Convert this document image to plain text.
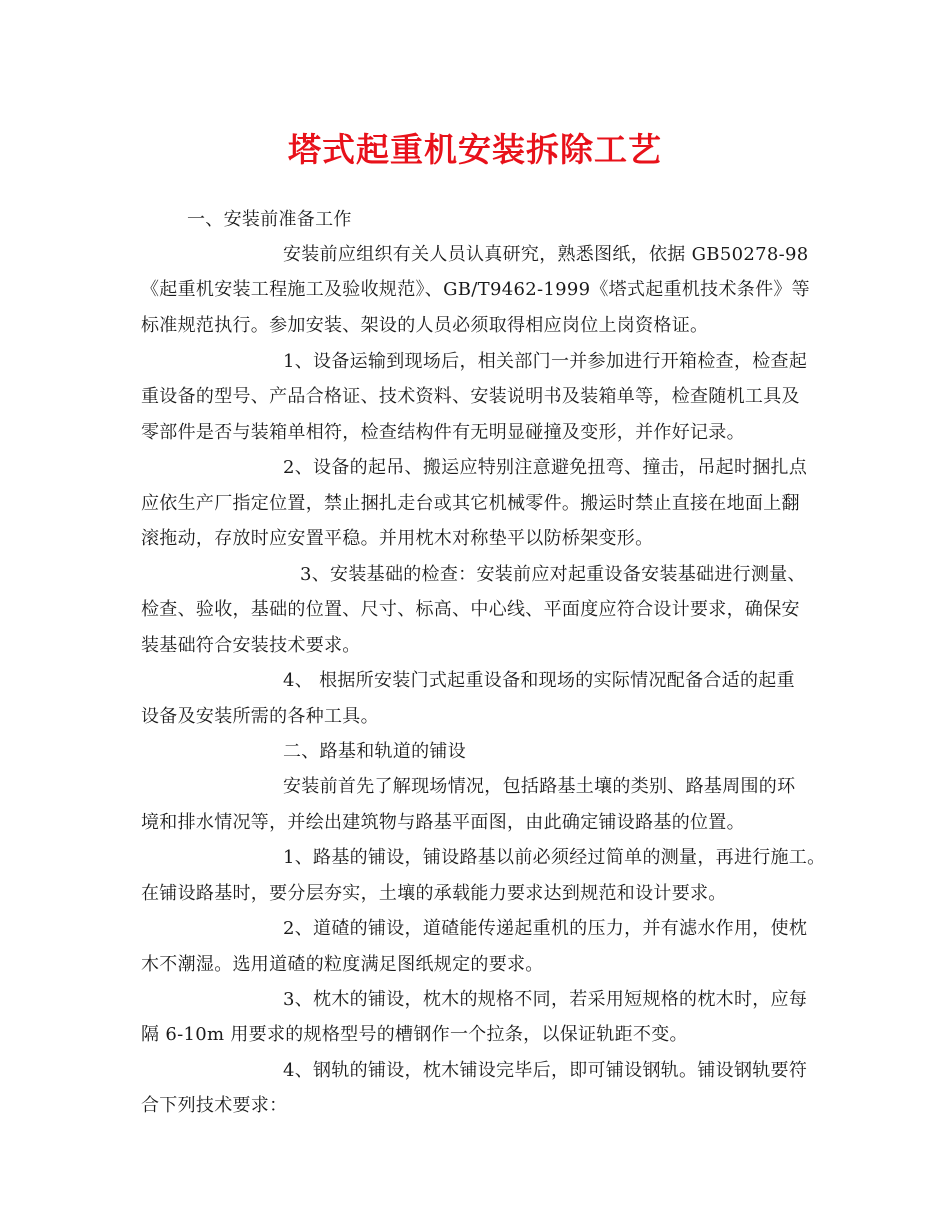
塔式起重机安装拆除工艺
一、安装前准备工作
安装前应组织有关人员认真研究，熟悉图纸，依据 GB50278-98
《起重机安装工程施工及验收规范》、GB/T9462-1999《塔式起重机技术条件》等
标准规范执行。参加安装、架设的人员必须取得相应岗位上岗资格证。
1、设备运输到现场后，相关部门一并参加进行开箱检查，检查起
重设备的型号、产品合格证、技术资料、安装说明书及装箱单等，检查随机工具及
零部件是否与装箱单相符，检查结构件有无明显碰撞及变形，并作好记录。
2、设备的起吊、搬运应特别注意避免扭弯、撞击，吊起时捆扎点
应依生产厂指定位置，禁止捆扎走台或其它机械零件。搬运时禁止直接在地面上翻
滚拖动，存放时应安置平稳。并用枕木对称垫平以防桥架变形。
3、安装基础的检查：安装前应对起重设备安装基础进行测量、
检查、验收，基础的位置、尺寸、标高、中心线、平面度应符合设计要求，确保安
装基础符合安装技术要求。
4、 根据所安装门式起重设备和现场的实际情况配备合适的起重
设备及安装所需的各种工具。
二、路基和轨道的铺设
安装前首先了解现场情况，包括路基土壤的类别、路基周围的环
境和排水情况等，并绘出建筑物与路基平面图，由此确定铺设路基的位置。
1、路基的铺设，铺设路基以前必须经过简单的测量，再进行施工。
在铺设路基时，要分层夯实，土壤的承载能力要求达到规范和设计要求。
2、道碴的铺设，道碴能传递起重机的压力，并有滤水作用，使枕
木不潮湿。选用道碴的粒度满足图纸规定的要求。
3、枕木的铺设，枕木的规格不同，若采用短规格的枕木时，应每
隔 6-10m 用要求的规格型号的槽钢作一个拉条，以保证轨距不变。
4、钢轨的铺设，枕木铺设完毕后，即可铺设钢轨。铺设钢轨要符
合下列技术要求：
